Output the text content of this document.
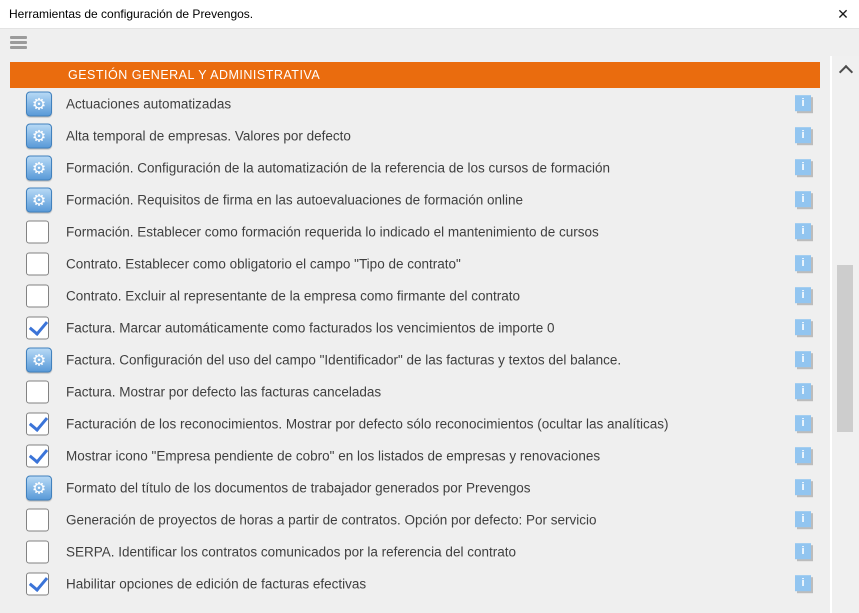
Herramientas de configuración de Prevengos.	✕
GESTIÓN GENERAL Y ADMINISTRATIVA
⚙ Actuaciones automatizadas	i
⚙ Alta temporal de empresas. Valores por defecto	i
⚙ Formación. Configuración de la automatización de la referencia de los cursos de formación	i
⚙ Formación. Requisitos de firma en las autoevaluaciones de formación online	i
Formación. Establecer como formación requerida lo indicado el mantenimiento de cursos	i
Contrato. Establecer como obligatorio el campo "Tipo de contrato"	i
Contrato. Excluir al representante de la empresa como firmante del contrato	i
Factura. Marcar automáticamente como facturados los vencimientos de importe 0	i
⚙ Factura. Configuración del uso del campo "Identificador" de las facturas y textos del balance.	i
Factura. Mostrar por defecto las facturas canceladas	i
Facturación de los reconocimientos. Mostrar por defecto sólo reconocimientos (ocultar las analíticas)	i
Mostrar icono "Empresa pendiente de cobro" en los listados de empresas y renovaciones	i
⚙ Formato del título de los documentos de trabajador generados por Prevengos	i
Generación de proyectos de horas a partir de contratos. Opción por defecto: Por servicio	i
SERPA. Identificar los contratos comunicados por la referencia del contrato	i
Habilitar opciones de edición de facturas efectivas	i
